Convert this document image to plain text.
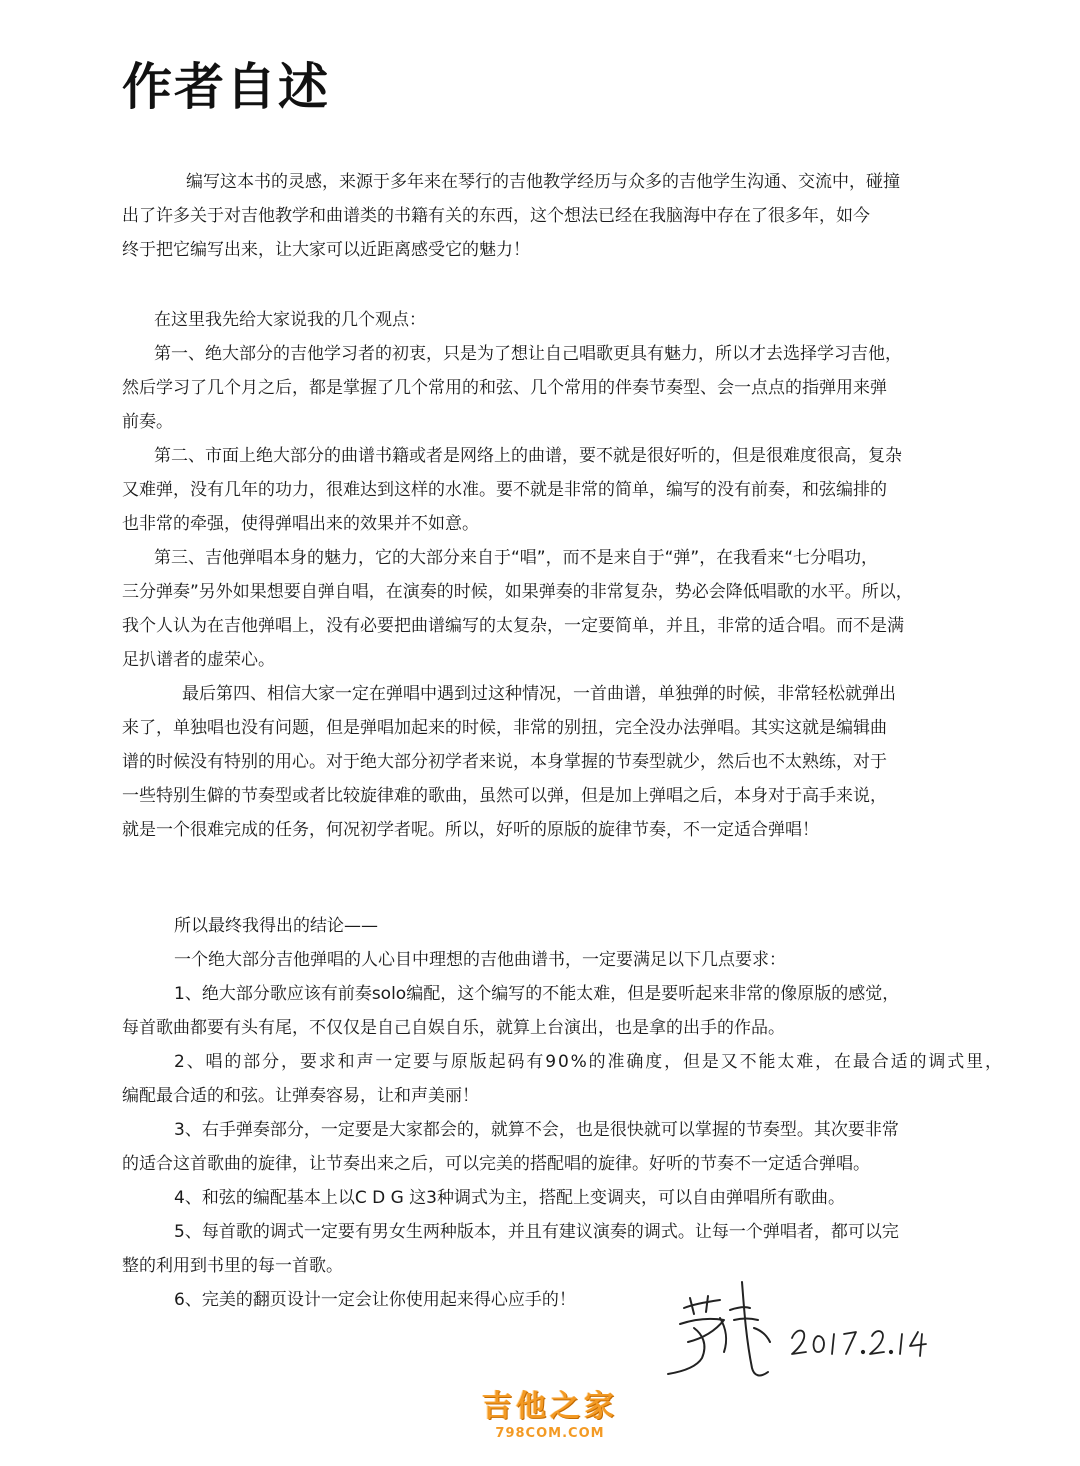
作者自述
编写这本书的灵感，来源于多年来在琴行的吉他教学经历与众多的吉他学生沟通、交流中，碰撞
出了许多关于对吉他教学和曲谱类的书籍有关的东西，这个想法已经在我脑海中存在了很多年，如今
终于把它编写出来，让大家可以近距离感受它的魅力！
在这里我先给大家说我的几个观点：
第一、绝大部分的吉他学习者的初衷，只是为了想让自己唱歌更具有魅力，所以才去选择学习吉他，
然后学习了几个月之后，都是掌握了几个常用的和弦、几个常用的伴奏节奏型、会一点点的指弹用来弹
前奏。
第二、市面上绝大部分的曲谱书籍或者是网络上的曲谱，要不就是很好听的，但是很难度很高，复杂
又难弹，没有几年的功力，很难达到这样的水准。要不就是非常的简单，编写的没有前奏，和弦编排的
也非常的牵强，使得弹唱出来的效果并不如意。
第三、吉他弹唱本身的魅力，它的大部分来自于“唱”，而不是来自于“弹”，在我看来“七分唱功，
三分弹奏”另外如果想要自弹自唱，在演奏的时候，如果弹奏的非常复杂，势必会降低唱歌的水平。所以，
我个人认为在吉他弹唱上，没有必要把曲谱编写的太复杂，一定要简单，并且，非常的适合唱。而不是满
足扒谱者的虚荣心。
最后第四、相信大家一定在弹唱中遇到过这种情况，一首曲谱，单独弹的时候，非常轻松就弹出
来了，单独唱也没有问题，但是弹唱加起来的时候，非常的别扭，完全没办法弹唱。其实这就是编辑曲
谱的时候没有特别的用心。对于绝大部分初学者来说，本身掌握的节奏型就少，然后也不太熟练，对于
一些特别生僻的节奏型或者比较旋律难的歌曲，虽然可以弹，但是加上弹唱之后，本身对于高手来说，
就是一个很难完成的任务，何况初学者呢。所以，好听的原版的旋律节奏，不一定适合弹唱！
所以最终我得出的结论——
一个绝大部分吉他弹唱的人心目中理想的吉他曲谱书，一定要满足以下几点要求：
1、绝大部分歌应该有前奏solo编配，这个编写的不能太难，但是要听起来非常的像原版的感觉，
每首歌曲都要有头有尾，不仅仅是自己自娱自乐，就算上台演出，也是拿的出手的作品。
2、唱的部分，要求和声一定要与原版起码有90%的准确度，但是又不能太难，在最合适的调式里，
编配最合适的和弦。让弹奏容易，让和声美丽！
3、右手弹奏部分，一定要是大家都会的，就算不会，也是很快就可以掌握的节奏型。其次要非常
的适合这首歌曲的旋律，让节奏出来之后，可以完美的搭配唱的旋律。好听的节奏不一定适合弹唱。
4、和弦的编配基本上以C D G 这3种调式为主，搭配上变调夹，可以自由弹唱所有歌曲。
5、每首歌的调式一定要有男女生两种版本，并且有建议演奏的调式。让每一个弹唱者，都可以完
整的利用到书里的每一首歌。
6、完美的翻页设计一定会让你使用起来得心应手的！
吉他之家
798COM.COM
